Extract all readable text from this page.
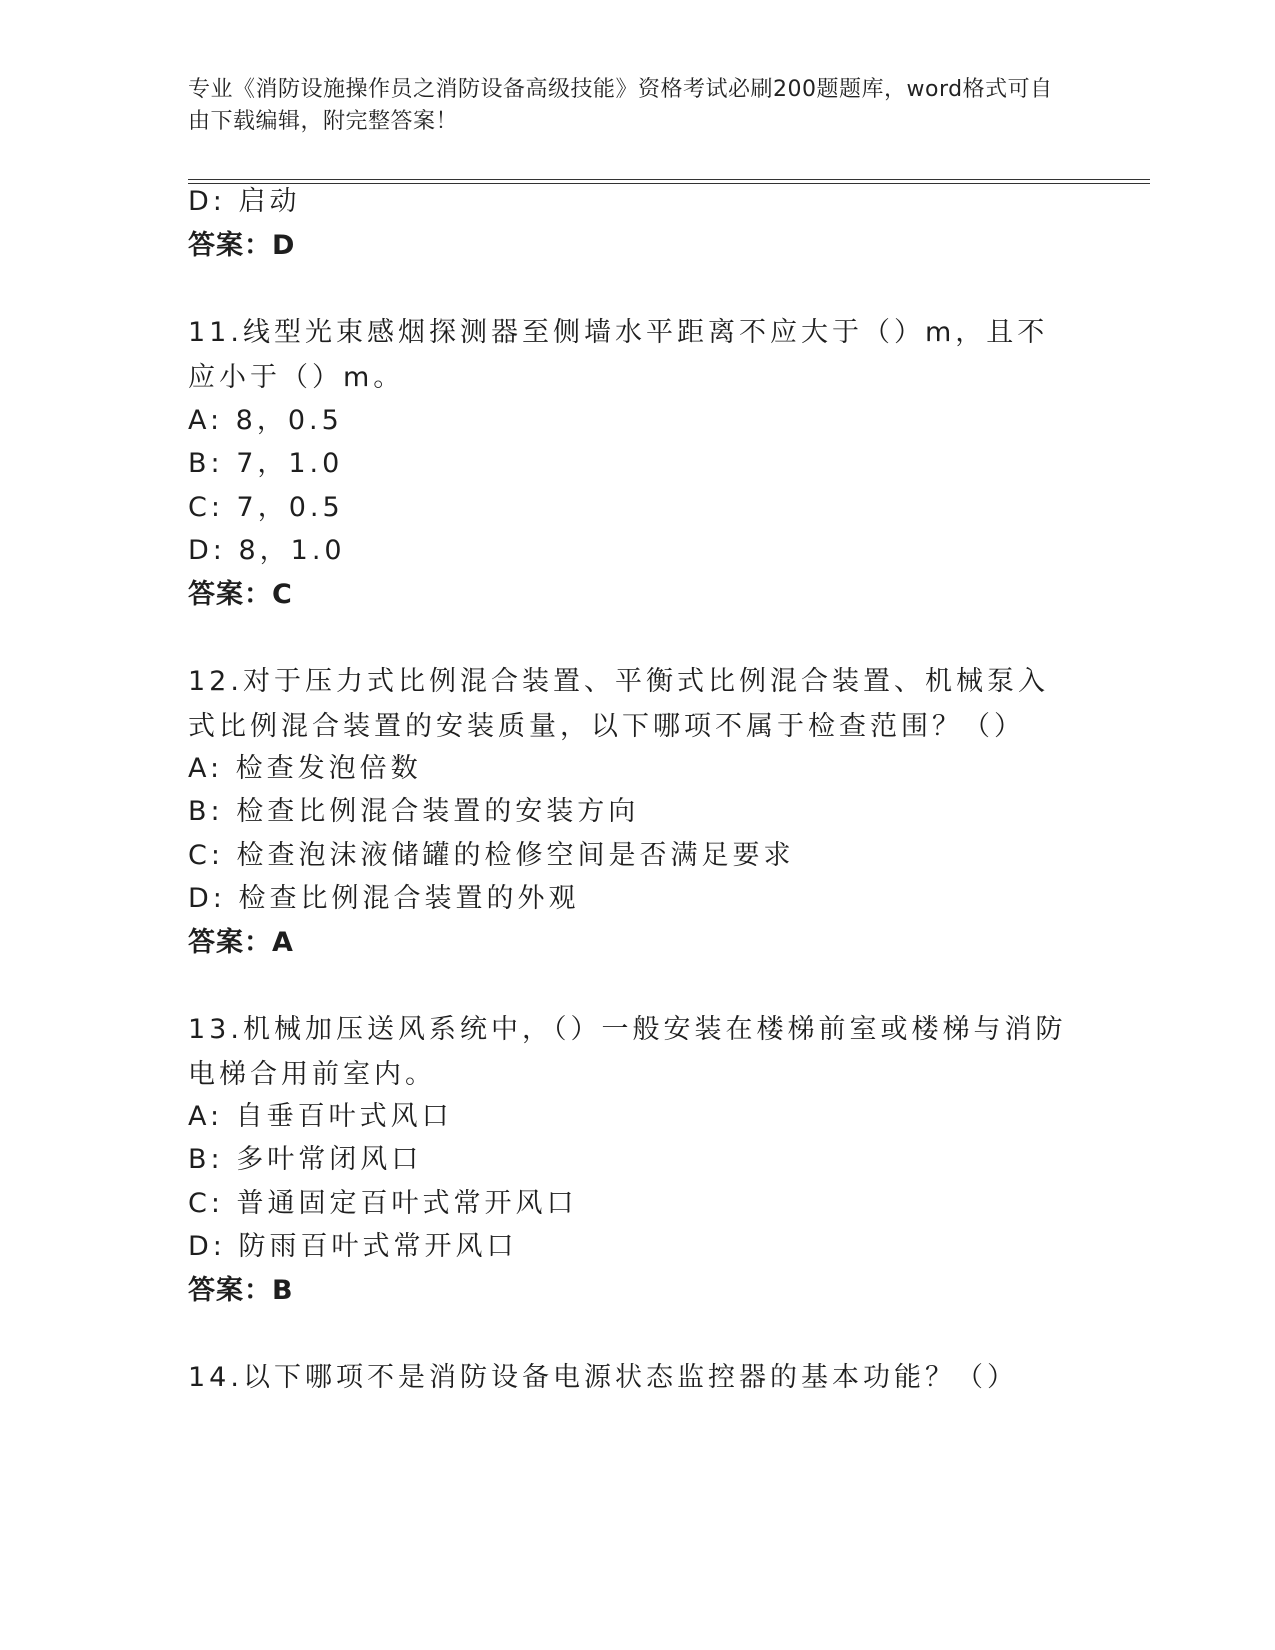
专业《消防设施操作员之消防设备高级技能》资格考试必刷200题题库，word格式可自由下载编辑，附完整答案！
D: 启动
答案：D
11.线型光束感烟探测器至侧墙水平距离不应大于（）m，且不应小于（）m。
A: 8，0.5
B: 7，1.0
C: 7，0.5
D: 8，1.0
答案：C
12.对于压力式比例混合装置、平衡式比例混合装置、机械泵入式比例混合装置的安装质量，以下哪项不属于检查范围？（）
A: 检查发泡倍数
B: 检查比例混合装置的安装方向
C: 检查泡沫液储罐的检修空间是否满足要求
D: 检查比例混合装置的外观
答案：A
13.机械加压送风系统中，（）一般安装在楼梯前室或楼梯与消防电梯合用前室内。
A: 自垂百叶式风口
B: 多叶常闭风口
C: 普通固定百叶式常开风口
D: 防雨百叶式常开风口
答案：B
14.以下哪项不是消防设备电源状态监控器的基本功能？（）
